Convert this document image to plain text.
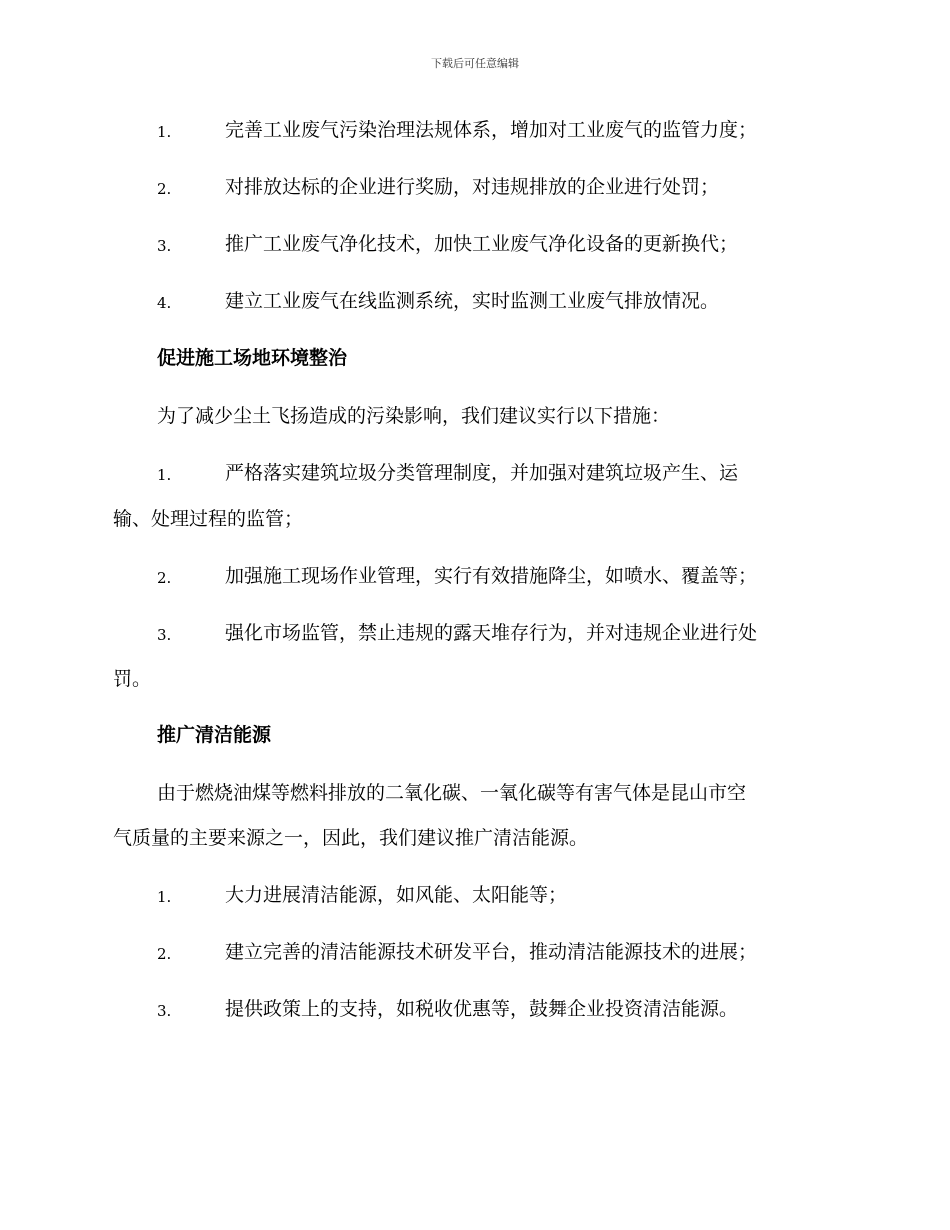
下载后可任意编辑
1.	完善工业废气污染治理法规体系，增加对工业废气的监管力度；
2.	对排放达标的企业进行奖励，对违规排放的企业进行处罚；
3.	推广工业废气净化技术，加快工业废气净化设备的更新换代；
4.	建立工业废气在线监测系统，实时监测工业废气排放情况。
促进施工场地环境整治
为了减少尘土飞扬造成的污染影响，我们建议实行以下措施：
1.	严格落实建筑垃圾分类管理制度，并加强对建筑垃圾产生、运
输、处理过程的监管；
2.	加强施工现场作业管理，实行有效措施降尘，如喷水、覆盖等；
3.	强化市场监管，禁止违规的露天堆存行为，并对违规企业进行处
罚。
推广清洁能源
由于燃烧油煤等燃料排放的二氧化碳、一氧化碳等有害气体是昆山市空
气质量的主要来源之一，因此，我们建议推广清洁能源。
1.	大力进展清洁能源，如风能、太阳能等；
2.	建立完善的清洁能源技术研发平台，推动清洁能源技术的进展；
3.	提供政策上的支持，如税收优惠等，鼓舞企业投资清洁能源。
